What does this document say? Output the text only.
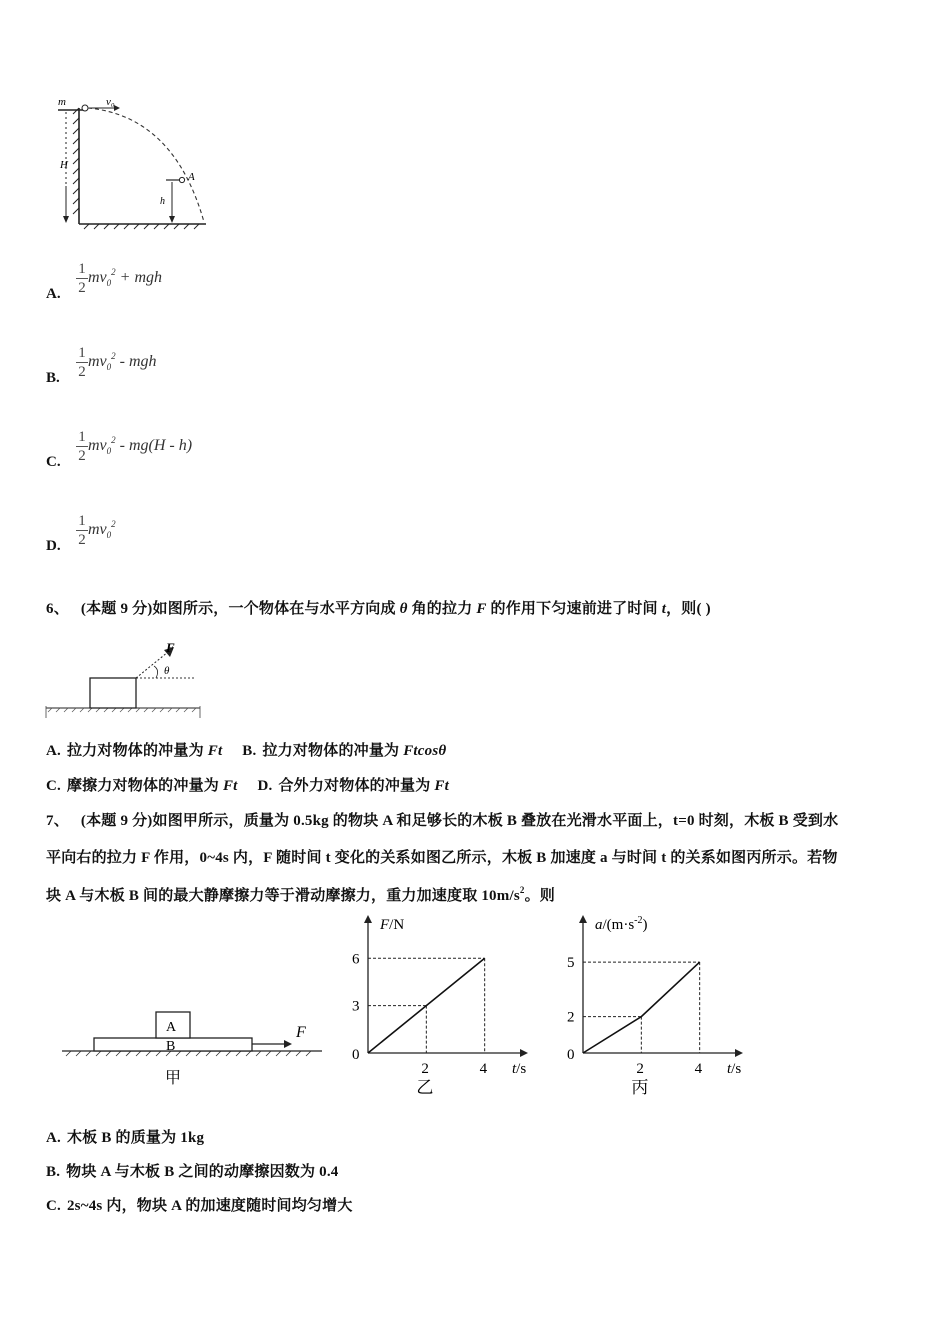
H
m	v₀
A
h
A. $\frac{1}{2} mv_0^2$ + mgh
B. $\frac{1}{2} mv_0^2$ - mgh
C. $\frac{1}{2} mv_0^2 - mg(H - h)$
D. $\frac{1}{2} mv_0^2$
6、 (本题 9 分)如图所示，一个物体在与水平方向成 θ 角的拉力 F 的作用下匀速前进了时间 t，则( )
F
θ
A. 拉力对物体的冲量为 Ft B. 拉力对物体的冲量为 Ftcosθ
C. 摩擦力对物体的冲量为 Ft D. 合外力对物体的冲量为 Ft
7、 (本题 9 分)如图甲所示，质量为 0.5kg 的物块 A 和足够长的木板 B 叠放在光滑水平面上，t=0 时刻，木板 B 受到水
平向右的拉力 F 作用，0~4s 内，F 随时间 t 变化的关系如图乙所示，木板 B 加速度 a 与时间 t 的关系如图丙所示。若物
块 A 与木板 B 间的最大静摩擦力等于滑动摩擦力，重力加速度取 $10m/s^2$。则
A
B
F
甲
2	4
3
6
0
t/s
F/N
乙
2	4
2
5
0
t/s
$a/(m\cdot s^{-2})$
丙
A. 木板 B 的质量为 1kg
B. 物块 A 与木板 B 之间的动摩擦因数为 0.4
C. 2s~4s 内，物块 A 的加速度随时间均匀增大
